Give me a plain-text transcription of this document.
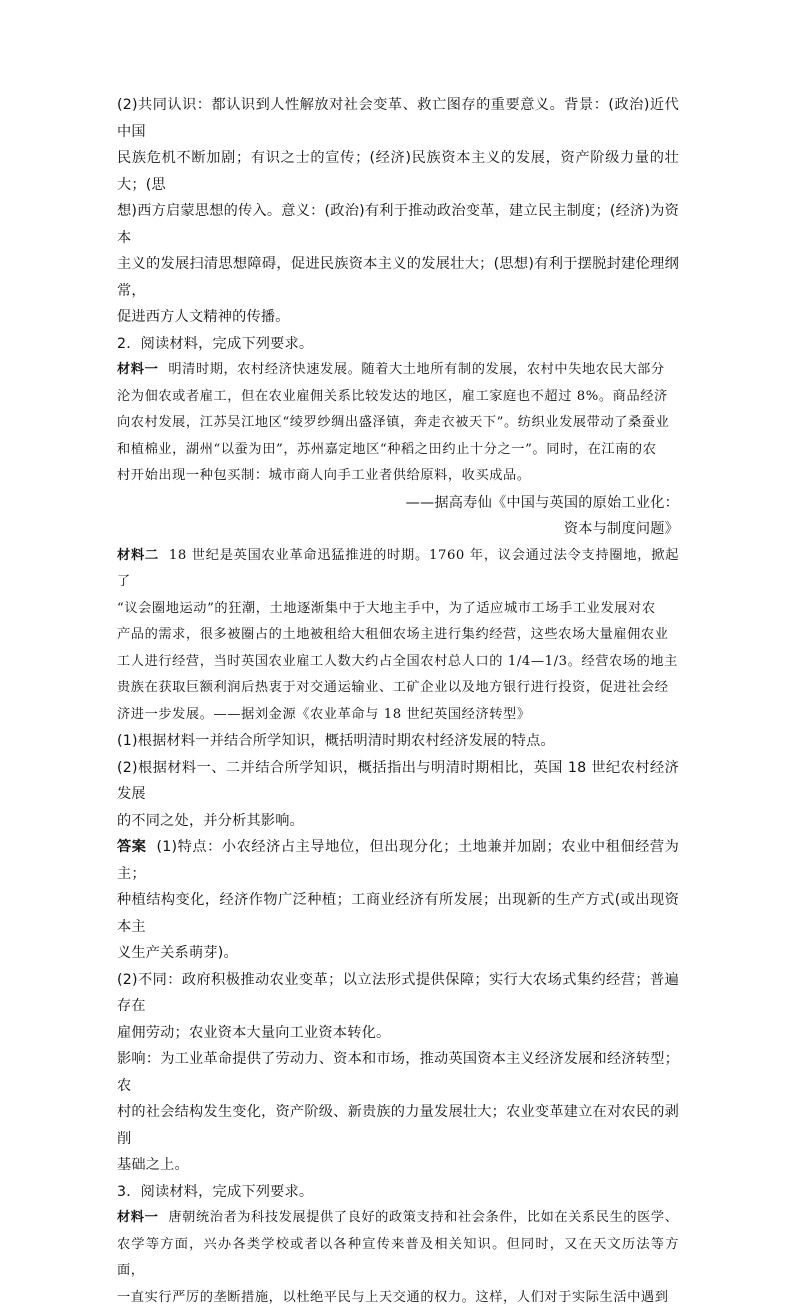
(2)共同认识：都认识到人性解放对社会变革、救亡图存的重要意义。背景：(政治)近代中国

民族危机不断加剧；有识之士的宣传；(经济)民族资本主义的发展，资产阶级力量的壮大；(思

想)西方启蒙思想的传入。意义：(政治)有利于推动政治变革，建立民主制度；(经济)为资本

主义的发展扫清思想障碍，促进民族资本主义的发展壮大；(思想)有利于摆脱封建伦理纲常，

促进西方人文精神的传播。

2．阅读材料，完成下列要求。

材料一 明清时期，农村经济快速发展。随着大土地所有制的发展，农村中失地农民大部分

沦为佃农或者雇工，但在农业雇佣关系比较发达的地区，雇工家庭也不超过 8%。商品经济

向农村发展，江苏吴江地区“绫罗纱绸出盛泽镇，奔走衣被天下”。纺织业发展带动了桑蚕业

和植棉业，湖州“以蚕为田”，苏州嘉定地区“种稻之田约止十分之一”。同时，在江南的农

村开始出现一种包买制：城市商人向手工业者供给原料，收买成品。

——据高寿仙《中国与英国的原始工业化：

资本与制度问题》

材料二 18 世纪是英国农业革命迅猛推进的时期。1760 年，议会通过法令支持圈地，掀起了

“议会圈地运动”的狂潮，土地逐渐集中于大地主手中，为了适应城市工场手工业发展对农

产品的需求，很多被圈占的土地被租给大租佃农场主进行集约经营，这些农场大量雇佣农业

工人进行经营，当时英国农业雇工人数大约占全国农村总人口的 1/4—1/3。经营农场的地主

贵族在获取巨额利润后热衷于对交通运输业、工矿企业以及地方银行进行投资，促进社会经

济进一步发展。——据刘金源《农业革命与 18 世纪英国经济转型》

(1)根据材料一并结合所学知识，概括明清时期农村经济发展的特点。

(2)根据材料一、二并结合所学知识，概括指出与明清时期相比，英国 18 世纪农村经济发展

的不同之处，并分析其影响。

答案 (1)特点：小农经济占主导地位，但出现分化；土地兼并加剧；农业中租佃经营为主；

种植结构变化，经济作物广泛种植；工商业经济有所发展；出现新的生产方式(或出现资本主

义生产关系萌芽)。

(2)不同：政府积极推动农业变革；以立法形式提供保障；实行大农场式集约经营；普遍存在

雇佣劳动；农业资本大量向工业资本转化。

影响：为工业革命提供了劳动力、资本和市场，推动英国资本主义经济发展和经济转型；农

村的社会结构发生变化，资产阶级、新贵族的力量发展壮大；农业变革建立在对农民的剥削

基础之上。

3．阅读材料，完成下列要求。

材料一 唐朝统治者为科技发展提供了良好的政策支持和社会条件，比如在关系民生的医学、

农学等方面，兴办各类学校或者以各种宣传来普及相关知识。但同时，又在天文历法等方面，

一直实行严厉的垄断措施，以杜绝平民与上天交通的权力。这样，人们对于实际生活中遇到
